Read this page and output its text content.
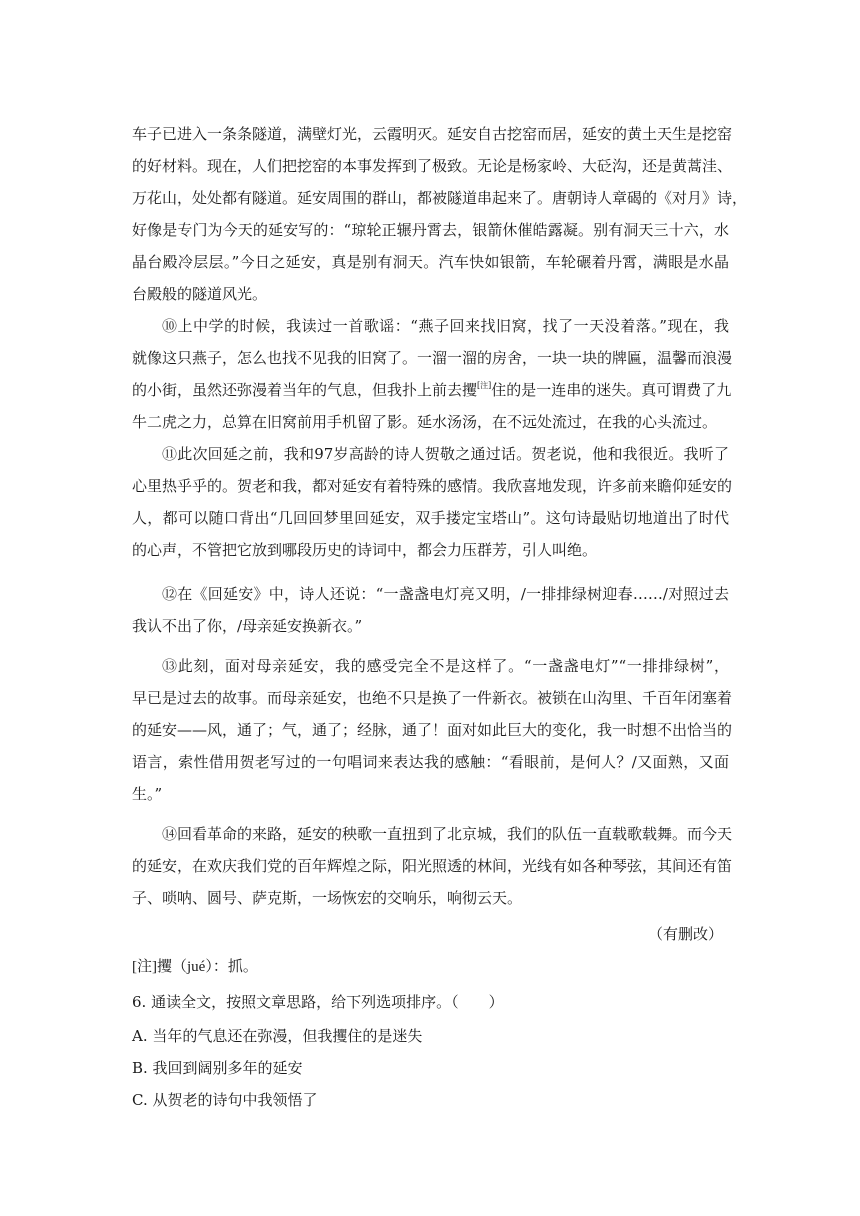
车子已进入一条条隧道，满壁灯光，云霞明灭。延安自古挖窑而居，延安的黄土天生是挖窑
的好材料。现在，人们把挖窑的本事发挥到了极致。无论是杨家岭、大砭沟，还是黄蒿洼、
万花山，处处都有隧道。延安周围的群山，都被隧道串起来了。唐朝诗人章碣的《对月》诗，
好像是专门为今天的延安写的：“琼轮正辗丹霄去，银箭休催皓露凝。别有洞天三十六，水
晶台殿冷层层。”今日之延安，真是别有洞天。汽车快如银箭，车轮碾着丹霄，满眼是水晶
台殿般的隧道风光。
⑩上中学的时候，我读过一首歌谣：“燕子回来找旧窝，找了一天没着落。”现在，我
就像这只燕子，怎么也找不见我的旧窝了。一溜一溜的房舍，一块一块的牌匾，温馨而浪漫
的小街，虽然还弥漫着当年的气息，但我扑上前去攫[注]住的是一连串的迷失。真可谓费了九
牛二虎之力，总算在旧窝前用手机留了影。延水汤汤，在不远处流过，在我的心头流过。
⑪此次回延之前，我和97岁高龄的诗人贺敬之通过话。贺老说，他和我很近。我听了
心里热乎乎的。贺老和我，都对延安有着特殊的感情。我欣喜地发现，许多前来瞻仰延安的
人，都可以随口背出“几回回梦里回延安，双手搂定宝塔山”。这句诗最贴切地道出了时代
的心声，不管把它放到哪段历史的诗词中，都会力压群芳，引人叫绝。
⑫在《回延安》中，诗人还说：“一盏盏电灯亮又明，/一排排绿树迎春……/对照过去
我认不出了你，/母亲延安换新衣。”
⑬此刻，面对母亲延安，我的感受完全不是这样了。“一盏盏电灯”“一排排绿树”，
早已是过去的故事。而母亲延安，也绝不只是换了一件新衣。被锁在山沟里、千百年闭塞着
的延安——风，通了；气，通了；经脉，通了！面对如此巨大的变化，我一时想不出恰当的
语言，索性借用贺老写过的一句唱词来表达我的感触：“看眼前，是何人？/又面熟，又面
生。”
⑭回看革命的来路，延安的秧歌一直扭到了北京城，我们的队伍一直载歌载舞。而今天
的延安，在欢庆我们党的百年辉煌之际，阳光照透的林间，光线有如各种琴弦，其间还有笛
子、唢呐、圆号、萨克斯，一场恢宏的交响乐，响彻云天。
（有删改）
[注]攫（jué）：抓。
6. 通读全文，按照文章思路，给下列选项排序。（　　）
A. 当年的气息还在弥漫，但我攫住的是迷失
B. 我回到阔别多年的延安
C. 从贺老的诗句中我领悟了
